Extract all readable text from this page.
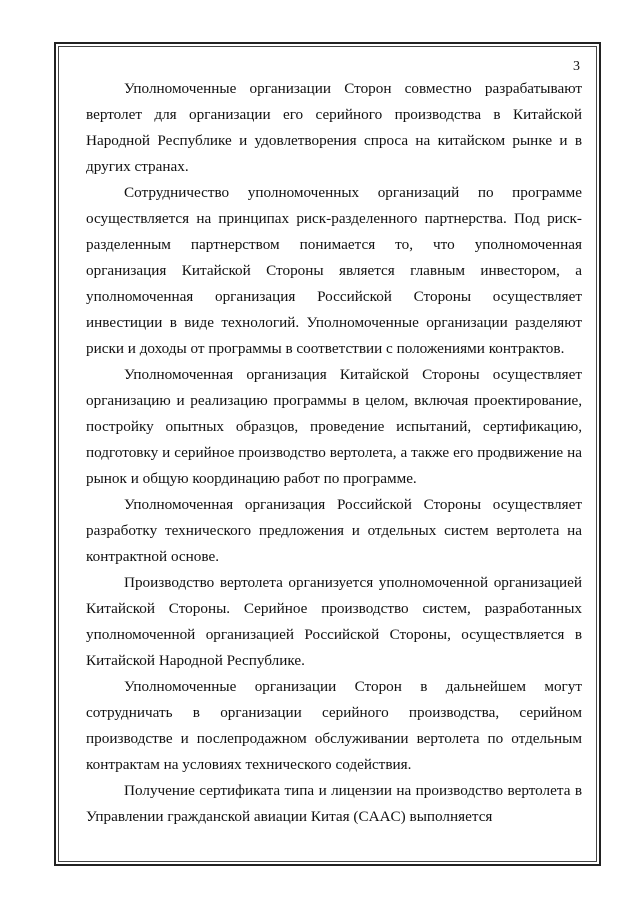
3

Уполномоченные организации Сторон совместно разрабатывают вертолет для организации его серийного производства в Китайской Народной Республике и удовлетворения спроса на китайском рынке и в других странах.

Сотрудничество уполномоченных организаций по программе осуществляется на принципах риск-разделенного партнерства. Под риск-разделенным партнерством понимается то, что уполномоченная организация Китайской Стороны является главным инвестором, а уполномоченная организация Российской Стороны осуществляет инвестиции в виде технологий. Уполномоченные организации разделяют риски и доходы от программы в соответствии с положениями контрактов.

Уполномоченная организация Китайской Стороны осуществляет организацию и реализацию программы в целом, включая проектирование, постройку опытных образцов, проведение испытаний, сертификацию, подготовку и серийное производство вертолета, а также его продвижение на рынок и общую координацию работ по программе.

Уполномоченная организация Российской Стороны осуществляет разработку технического предложения и отдельных систем вертолета на контрактной основе.

Производство вертолета организуется уполномоченной организацией Китайской Стороны. Серийное производство систем, разработанных уполномоченной организацией Российской Стороны, осуществляется в Китайской Народной Республике.

Уполномоченные организации Сторон в дальнейшем могут сотрудничать в организации серийного производства, серийном производстве и послепродажном обслуживании вертолета по отдельным контрактам на условиях технического содействия.

Получение сертификата типа и лицензии на производство вертолета в Управлении гражданской авиации Китая (CAAC) выполняется
